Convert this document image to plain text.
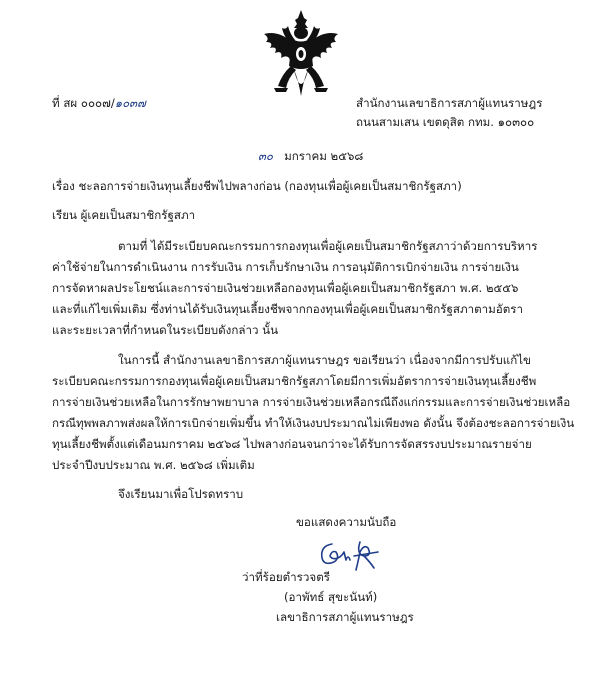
ที่ สผ ๐๐๐๗/๑๐๓๗	สำนักงานเลขาธิการสภาผู้แทนราษฎร
ถนนสามเสน เขตดุสิต กทม. ๑๐๓๐๐
๓๐ มกราคม ๒๕๖๘
เรื่อง ชะลอการจ่ายเงินทุนเลี้ยงชีพไปพลางก่อน (กองทุนเพื่อผู้เคยเป็นสมาชิกรัฐสภา)
เรียน ผู้เคยเป็นสมาชิกรัฐสภา
ตามที่ ได้มีระเบียบคณะกรรมการกองทุนเพื่อผู้เคยเป็นสมาชิกรัฐสภาว่าด้วยการบริหาร
ค่าใช้จ่ายในการดำเนินงาน การรับเงิน การเก็บรักษาเงิน การอนุมัติการเบิกจ่ายเงิน การจ่ายเงิน
การจัดหาผลประโยชน์และการจ่ายเงินช่วยเหลือกองทุนเพื่อผู้เคยเป็นสมาชิกรัฐสภา พ.ศ. ๒๕๕๖
และที่แก้ไขเพิ่มเติม ซึ่งท่านได้รับเงินทุนเลี้ยงชีพจากกองทุนเพื่อผู้เคยเป็นสมาชิกรัฐสภาตามอัตรา
และระยะเวลาที่กำหนดในระเบียบดังกล่าว นั้น
ในการนี้ สำนักงานเลขาธิการสภาผู้แทนราษฎร ขอเรียนว่า เนื่องจากมีการปรับแก้ไข
ระเบียบคณะกรรมการกองทุนเพื่อผู้เคยเป็นสมาชิกรัฐสภาโดยมีการเพิ่มอัตราการจ่ายเงินทุนเลี้ยงชีพ
การจ่ายเงินช่วยเหลือในการรักษาพยาบาล การจ่ายเงินช่วยเหลือกรณีถึงแก่กรรมและการจ่ายเงินช่วยเหลือ
กรณีทุพพลภาพส่งผลให้การเบิกจ่ายเพิ่มขึ้น ทำให้เงินงบประมาณไม่เพียงพอ ดังนั้น จึงต้องชะลอการจ่ายเงิน
ทุนเลี้ยงชีพตั้งแต่เดือนมกราคม ๒๕๖๘ ไปพลางก่อนจนกว่าจะได้รับการจัดสรรงบประมาณรายจ่าย
ประจำปีงบประมาณ พ.ศ. ๒๕๖๘ เพิ่มเติม
จึงเรียนมาเพื่อโปรดทราบ
ขอแสดงความนับถือ
ว่าที่ร้อยตำรวจตรี
(อาพัทธ์ สุขะนันท์)
เลขาธิการสภาผู้แทนราษฎร
